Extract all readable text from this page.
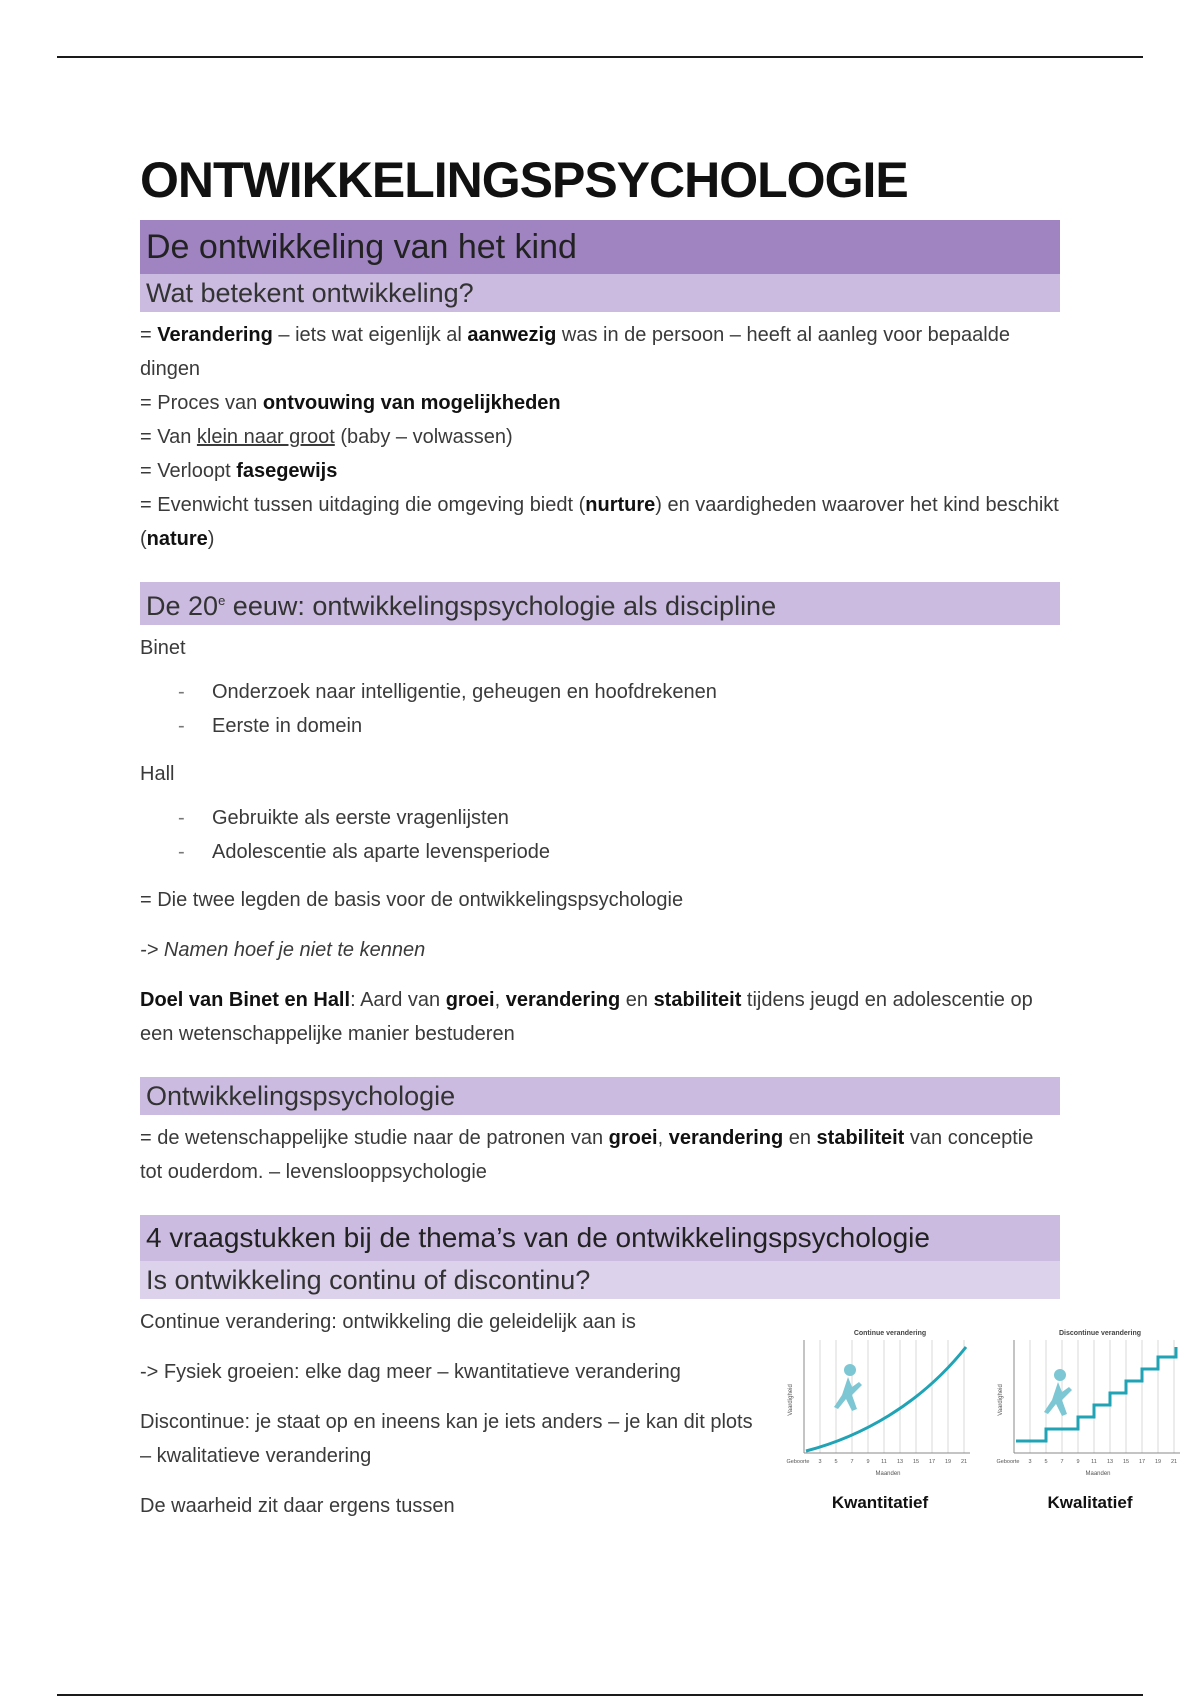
ONTWIKKELINGSPSYCHOLOGIE
De ontwikkeling van het kind
Wat betekent ontwikkeling?

= Verandering – iets wat eigenlijk al aanwezig was in de persoon – heeft al aanleg voor bepaalde dingen

= Proces van ontvouwing van mogelijkheden

= Van klein naar groot (baby – volwassen)

= Verloopt fasegewijs

= Evenwicht tussen uitdaging die omgeving biedt (nurture) en vaardigheden waarover het kind beschikt (nature)

De 20e eeuw: ontwikkelingspsychologie als discipline

Binet

- Onderzoek naar intelligentie, geheugen en hoofdrekenen
- Eerste in domein

Hall

- Gebruikte als eerste vragenlijsten
- Adolescentie als aparte levensperiode

= Die twee legden de basis voor de ontwikkelingspsychologie

-> Namen hoef je niet te kennen

Doel van Binet en Hall: Aard van groei, verandering en stabiliteit tijdens jeugd en adolescentie op een wetenschappelijke manier bestuderen

Ontwikkelingspsychologie

= de wetenschappelijke studie naar de patronen van groei, verandering en stabiliteit van conceptie tot ouderdom. – levenslooppsychologie

4 vraagstukken bij de thema’s van de ontwikkelingspsychologie
Is ontwikkeling continu of discontinu?

Continue verandering: ontwikkeling die geleidelijk aan is

-> Fysiek groeien: elke dag meer – kwantitatieve verandering

Discontinue: je staat op en ineens kan je iets anders – je kan dit plots – kwalitatieve verandering

De waarheid zit daar ergens tussen

Continue verandering
Vaardigheid
Geboorte 3 5 7 9 11 13 15 17 19 21
Maanden
Kwantitatief
Discontinue verandering
Vaardigheid
Geboorte 3 5 7 9 11 13 15 17 19 21
Maanden
Kwalitatief
